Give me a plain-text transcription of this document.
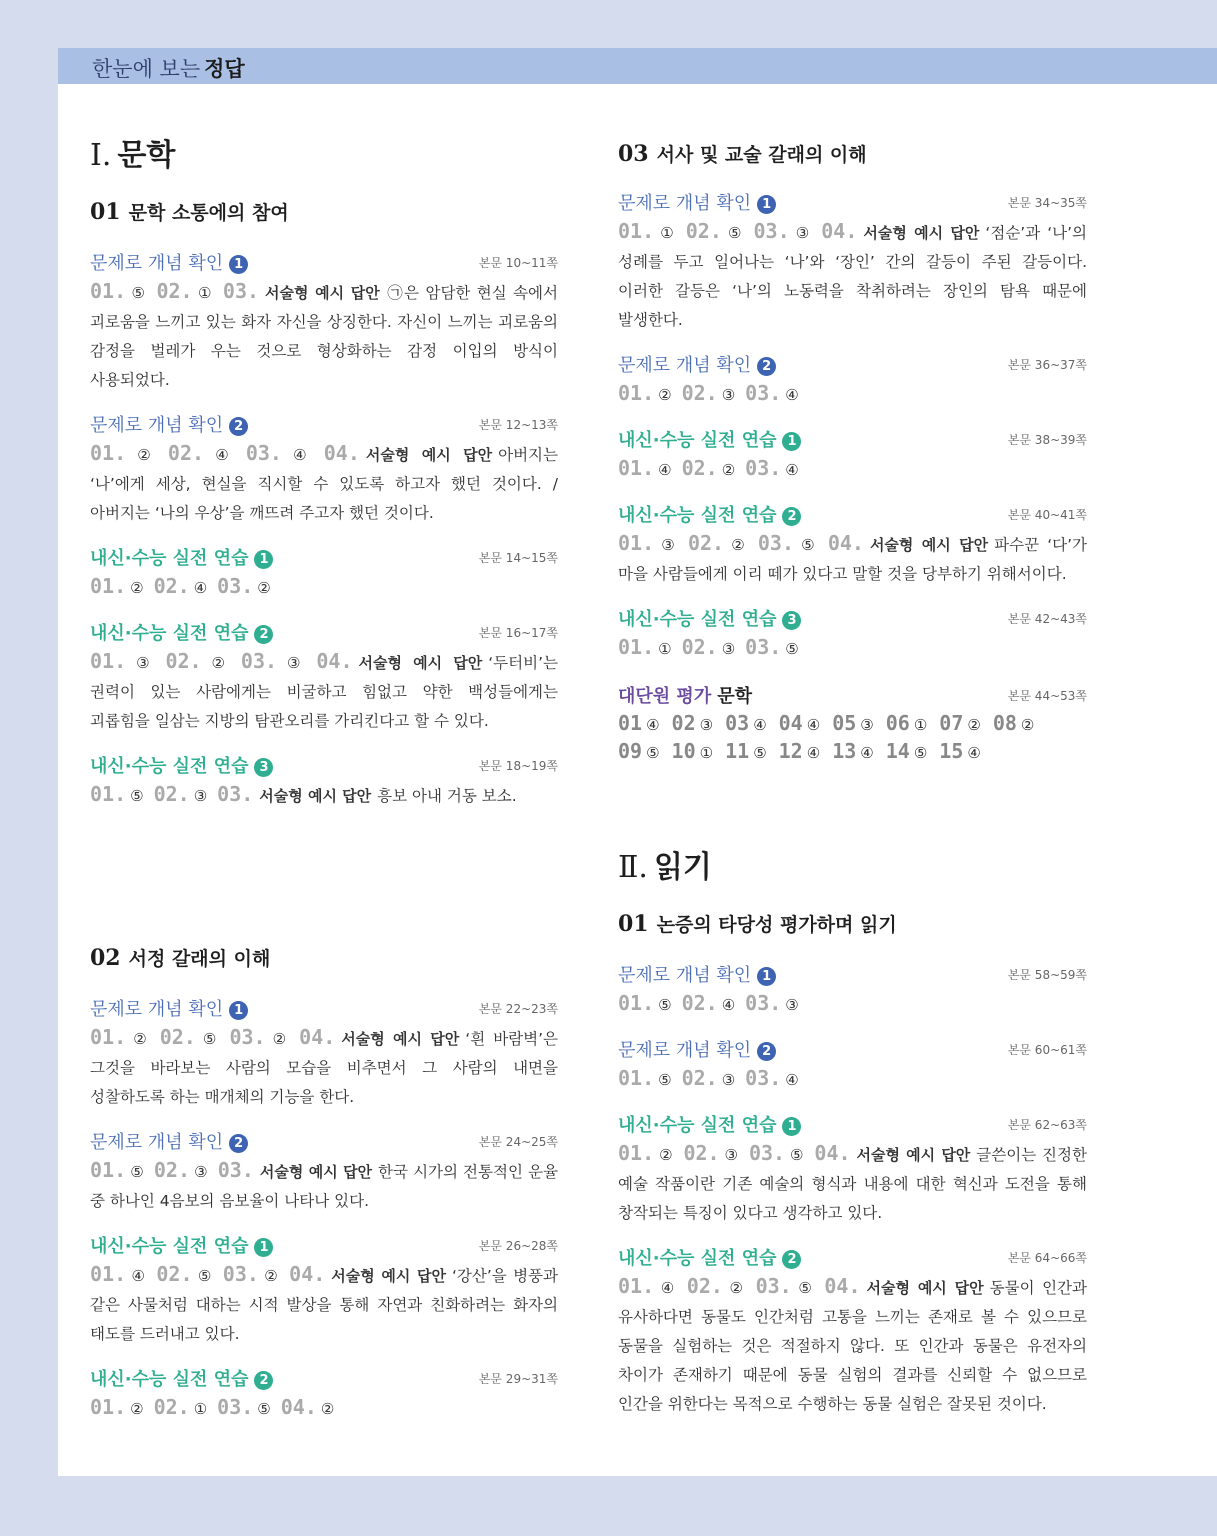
한눈에 보는 정답
Ⅰ. 문학
01 문학 소통에의 참여
문제로 개념 확인 1	본문 10~11쪽
01. ⑤ 02. ① 03. 서술형 예시 답안 ㉠은 암담한 현실 속에서 괴로움을 느끼고 있는 화자 자신을 상징한다. 자신이 느끼는 괴로움의 감정을 벌레가 우는 것으로 형상화하는 감정 이입의 방식이 사용되었다.
문제로 개념 확인 2	본문 12~13쪽
01. ② 02. ④ 03. ④ 04. 서술형 예시 답안 아버지는 ‘나’에게 세상, 현실을 직시할 수 있도록 하고자 했던 것이다. / 아버지는 ‘나의 우상’을 깨뜨려 주고자 했던 것이다.
내신·수능 실전 연습 1	본문 14~15쪽
01. ② 02. ④ 03. ②
내신·수능 실전 연습 2	본문 16~17쪽
01. ③ 02. ② 03. ③ 04. 서술형 예시 답안 ‘두터비’는 권력이 있는 사람에게는 비굴하고 힘없고 약한 백성들에게는 괴롭힘을 일삼는 지방의 탐관오리를 가리킨다고 할 수 있다.
내신·수능 실전 연습 3	본문 18~19쪽
01. ⑤ 02. ③ 03. 서술형 예시 답안 흥보 아내 거동 보소.
02 서정 갈래의 이해
문제로 개념 확인 1	본문 22~23쪽
01. ② 02. ⑤ 03. ② 04. 서술형 예시 답안 ‘흰 바람벽’은 그것을 바라보는 사람의 모습을 비추면서 그 사람의 내면을 성찰하도록 하는 매개체의 기능을 한다.
문제로 개념 확인 2	본문 24~25쪽
01. ⑤ 02. ③ 03. 서술형 예시 답안 한국 시가의 전통적인 운율 중 하나인 4음보의 음보율이 나타나 있다.
내신·수능 실전 연습 1	본문 26~28쪽
01. ④ 02. ⑤ 03. ② 04. 서술형 예시 답안 ‘강산’을 병풍과 같은 사물처럼 대하는 시적 발상을 통해 자연과 친화하려는 화자의 태도를 드러내고 있다.
내신·수능 실전 연습 2	본문 29~31쪽
01. ② 02. ① 03. ⑤ 04. ②
03 서사 및 교술 갈래의 이해
문제로 개념 확인 1	본문 34~35쪽
01. ① 02. ⑤ 03. ③ 04. 서술형 예시 답안 ‘점순’과 ‘나’의 성례를 두고 일어나는 ‘나’와 ‘장인’ 간의 갈등이 주된 갈등이다. 이러한 갈등은 ‘나’의 노동력을 착취하려는 장인의 탐욕 때문에 발생한다.
문제로 개념 확인 2	본문 36~37쪽
01. ② 02. ③ 03. ④
내신·수능 실전 연습 1	본문 38~39쪽
01. ④ 02. ② 03. ④
내신·수능 실전 연습 2	본문 40~41쪽
01. ③ 02. ② 03. ⑤ 04. 서술형 예시 답안 파수꾼 ‘다’가 마을 사람들에게 이리 떼가 있다고 말할 것을 당부하기 위해서이다.
내신·수능 실전 연습 3	본문 42~43쪽
01. ① 02. ③ 03. ⑤
대단원 평가 문학	본문 44~53쪽
01 ④ 02 ③ 03 ④ 04 ④ 05 ③ 06 ① 07 ② 08 ②
09 ⑤ 10 ① 11 ⑤ 12 ④ 13 ④ 14 ⑤ 15 ④
Ⅱ. 읽기
01 논증의 타당성 평가하며 읽기
문제로 개념 확인 1	본문 58~59쪽
01. ⑤ 02. ④ 03. ③
문제로 개념 확인 2	본문 60~61쪽
01. ⑤ 02. ③ 03. ④
내신·수능 실전 연습 1	본문 62~63쪽
01. ② 02. ③ 03. ⑤ 04. 서술형 예시 답안 글쓴이는 진정한 예술 작품이란 기존 예술의 형식과 내용에 대한 혁신과 도전을 통해 창작되는 특징이 있다고 생각하고 있다.
내신·수능 실전 연습 2	본문 64~66쪽
01. ④ 02. ② 03. ⑤ 04. 서술형 예시 답안 동물이 인간과 유사하다면 동물도 인간처럼 고통을 느끼는 존재로 볼 수 있으므로 동물을 실험하는 것은 적절하지 않다. 또 인간과 동물은 유전자의 차이가 존재하기 때문에 동물 실험의 결과를 신뢰할 수 없으므로 인간을 위한다는 목적으로 수행하는 동물 실험은 잘못된 것이다.
